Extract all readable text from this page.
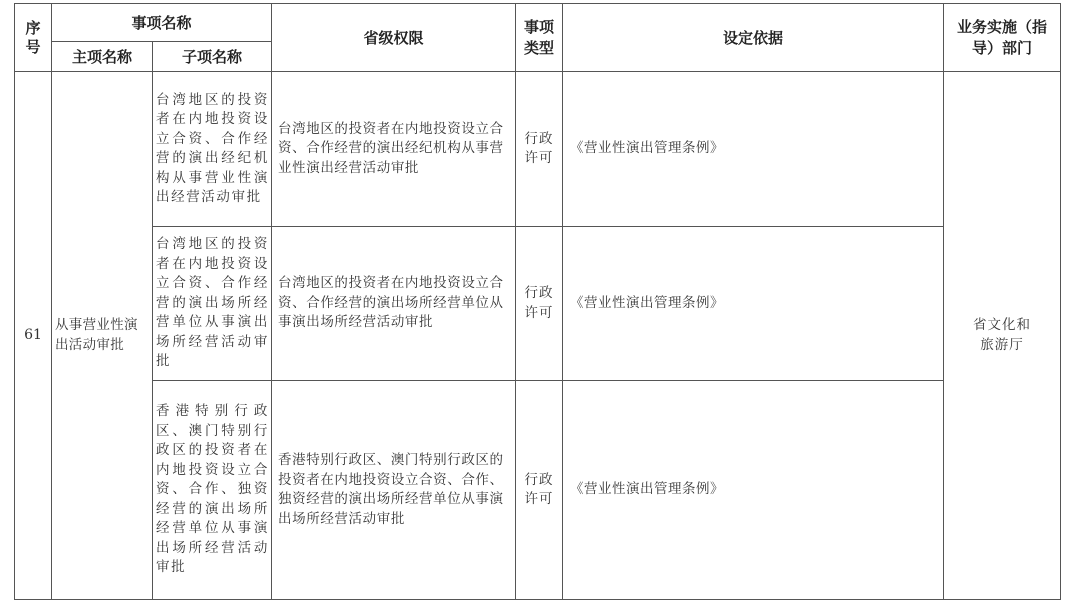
序号	事项名称		省级权限	事项类型	设定依据	业务实施（指导）部门

	主项名称	子项名称				
61	从事营业性演出活动审批	台湾地区的投资者在内地投资设立合资、合作经营的演出经纪机构从事营业性演出经营活动审批	台湾地区的投资者在内地投资设立合资、合作经营的演出经纪机构从事营业性演出经营活动审批	行政许可	《营业性演出管理条例》	省文化和旅游厅

		台湾地区的投资者在内地投资设立合资、合作经营的演出场所经营单位从事演出场所经营活动审批	台湾地区的投资者在内地投资设立合资、合作经营的演出场所经营单位从事演出场所经营活动审批	行政许可	《营业性演出管理条例》	
		香港特别行政区、澳门特别行政区的投资者在内地投资设立合资、合作、独资经营的演出场所经营单位从事演出场所经营活动审批	香港特别行政区、澳门特别行政区的投资者在内地投资设立合资、合作、独资经营的演出场所经营单位从事演出场所经营活动审批	行政许可	《营业性演出管理条例》	
